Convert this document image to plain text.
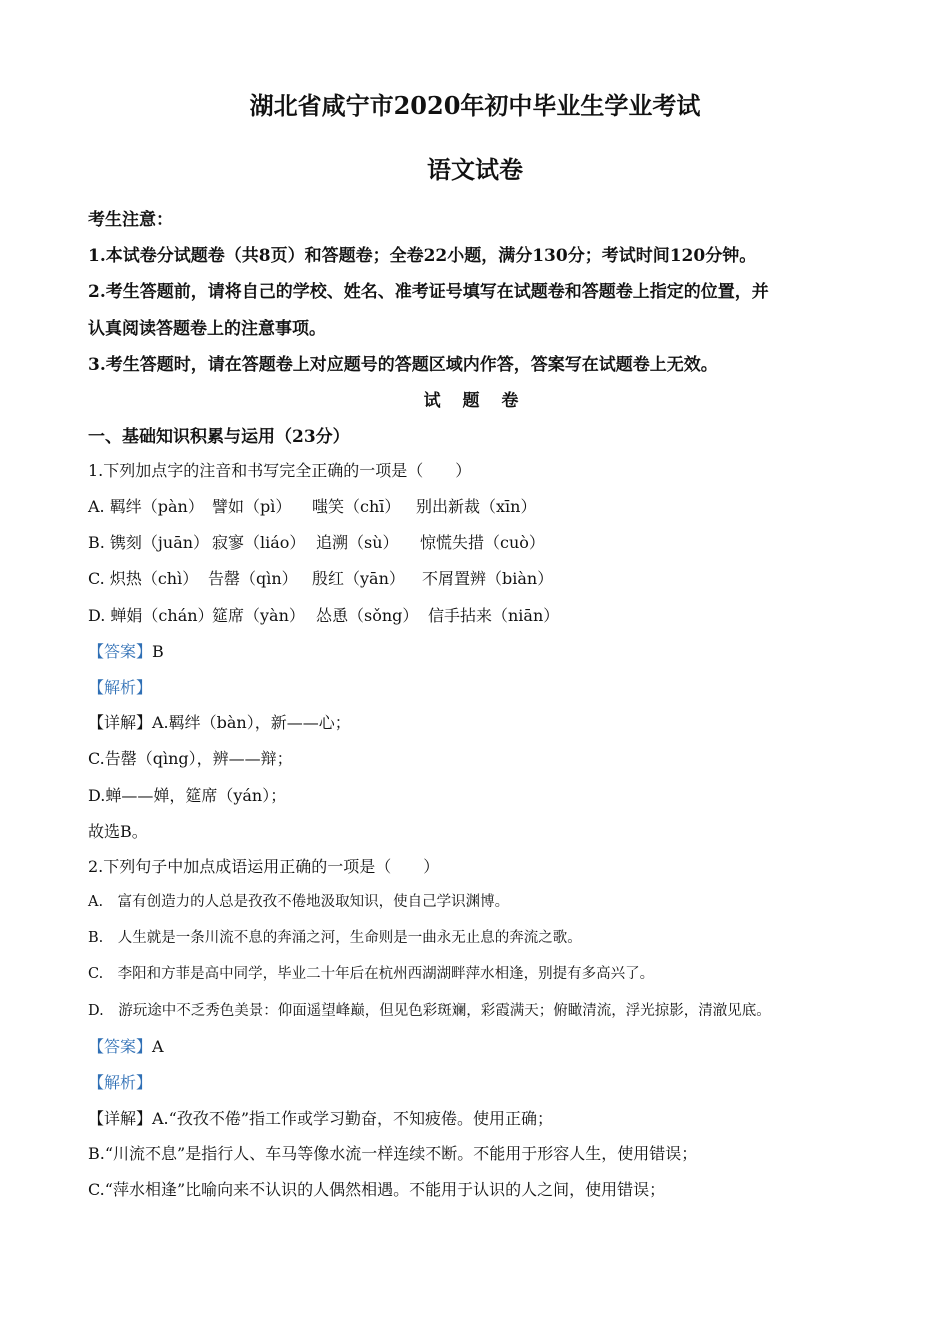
湖北省咸宁市2020年初中毕业生学业考试
语文试卷
考生注意：
1.本试卷分试题卷（共8页）和答题卷；全卷22小题，满分130分；考试时间120分钟。
2.考生答题前，请将自己的学校、姓名、准考证号填写在试题卷和答题卷上指定的位置，并
认真阅读答题卷上的注意事项。
3.考生答题时，请在答题卷上对应题号的答题区域内作答，答案写在试题卷上无效。
试 题 卷
一、基础知识积累与运用（23分）
1.下列加点字的注音和书写完全正确的一项是（　　）
A. 羁绊（pàn） 譬如（pì） 嗤笑（chī） 别出新裁（xīn）
B. 镌刻（juān） 寂寥（liáo） 追溯（sù） 惊慌失措（cuò）
C. 炽热（chì） 告罄（qìn） 殷红（yān） 不屑置辨（biàn）
D. 蝉娟（chán）筵席（yàn） 怂恿（sǒng） 信手拈来（niān）
【答案】B
【解析】
【详解】A.羁绊（bàn），新——心；
C.告罄（qìng），辨——辩；
D.蝉——婵，筵席（yán）；
故选B。
2.下列句子中加点成语运用正确的一项是（　　）
A.　富有创造力的人总是孜孜不倦地汲取知识，使自己学识渊博。
B.　人生就是一条川流不息的奔涌之河，生命则是一曲永无止息的奔流之歌。
C.　李阳和方菲是高中同学，毕业二十年后在杭州西湖湖畔萍水相逢，别提有多高兴了。
D.　游玩途中不乏秀色美景：仰面遥望峰巅，但见色彩斑斓，彩霞满天；俯瞰清流，浮光掠影，清澈见底。
【答案】A
【解析】
【详解】A.“孜孜不倦”指工作或学习勤奋，不知疲倦。使用正确；
B.“川流不息”是指行人、车马等像水流一样连续不断。不能用于形容人生，使用错误；
C.“萍水相逢”比喻向来不认识的人偶然相遇。不能用于认识的人之间，使用错误；
